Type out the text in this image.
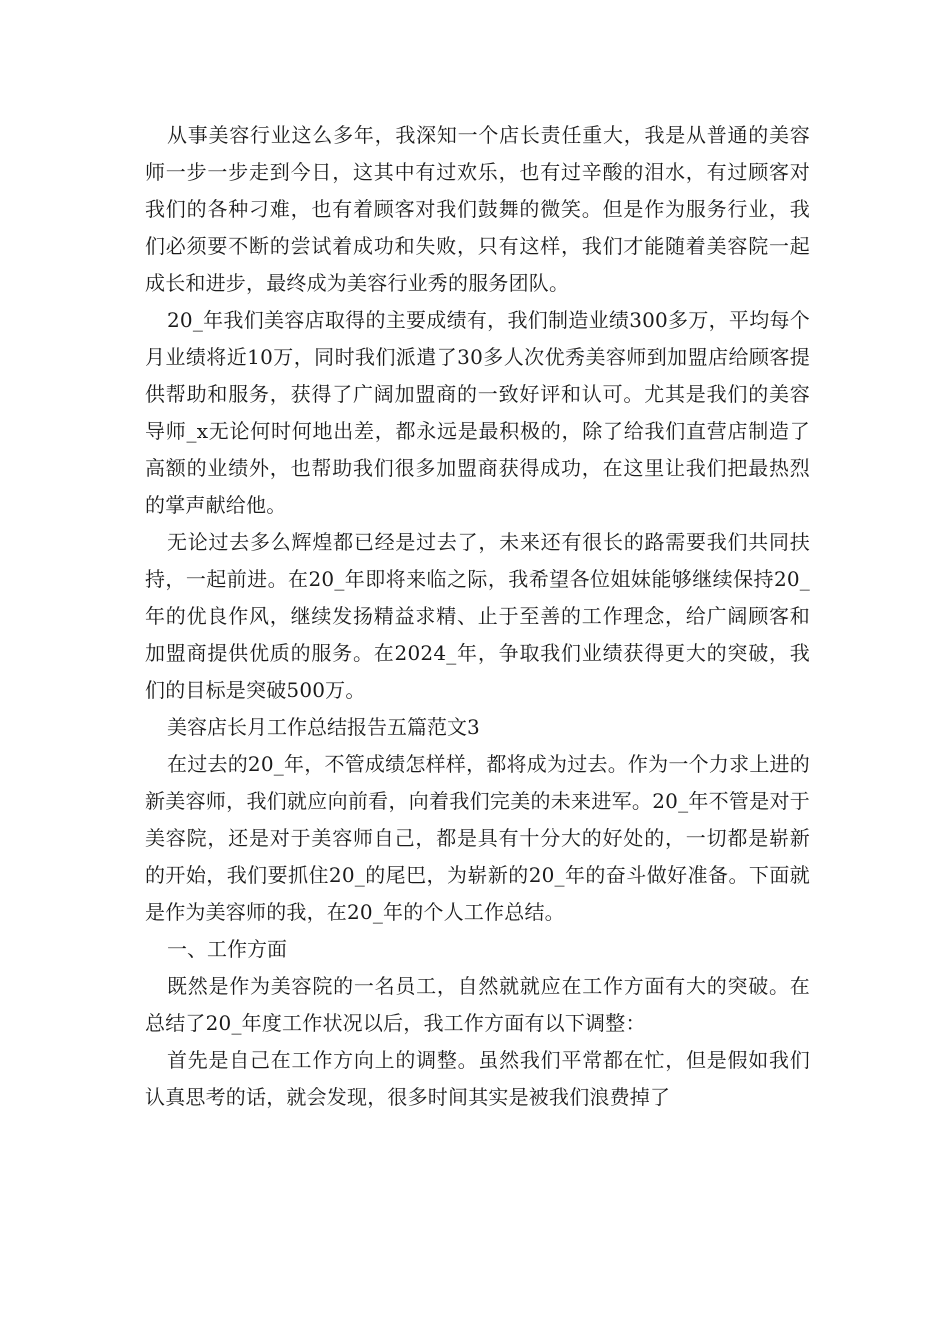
从事美容行业这么多年，我深知一个店长责任重大，我是从普通的美容师一步一步走到今日，这其中有过欢乐，也有过辛酸的泪水，有过顾客对我们的各种刁难，也有着顾客对我们鼓舞的微笑。但是作为服务行业，我们必须要不断的尝试着成功和失败，只有这样，我们才能随着美容院一起成长和进步，最终成为美容行业秀的服务团队。

20_年我们美容店取得的主要成绩有，我们制造业绩300多万，平均每个月业绩将近10万，同时我们派遣了30多人次优秀美容师到加盟店给顾客提供帮助和服务，获得了广阔加盟商的一致好评和认可。尤其是我们的美容导师_x无论何时何地出差，都永远是最积极的，除了给我们直营店制造了高额的业绩外，也帮助我们很多加盟商获得成功，在这里让我们把最热烈的掌声献给他。

无论过去多么辉煌都已经是过去了，未来还有很长的路需要我们共同扶持，一起前进。在20_年即将来临之际，我希望各位姐妹能够继续保持20_年的优良作风，继续发扬精益求精、止于至善的工作理念，给广阔顾客和加盟商提供优质的服务。在2024_年，争取我们业绩获得更大的突破，我们的目标是突破500万。

美容店长月工作总结报告五篇范文3

在过去的20_年，不管成绩怎样样，都将成为过去。作为一个力求上进的新美容师，我们就应向前看，向着我们完美的未来进军。20_年不管是对于美容院，还是对于美容师自己，都是具有十分大的好处的，一切都是崭新的开始，我们要抓住20_的尾巴，为崭新的20_年的奋斗做好准备。下面就是作为美容师的我，在20_年的个人工作总结。

一、工作方面

既然是作为美容院的一名员工，自然就就应在工作方面有大的突破。在总结了20_年度工作状况以后，我工作方面有以下调整：

首先是自己在工作方向上的调整。虽然我们平常都在忙，但是假如我们认真思考的话，就会发现，很多时间其实是被我们浪费掉了
